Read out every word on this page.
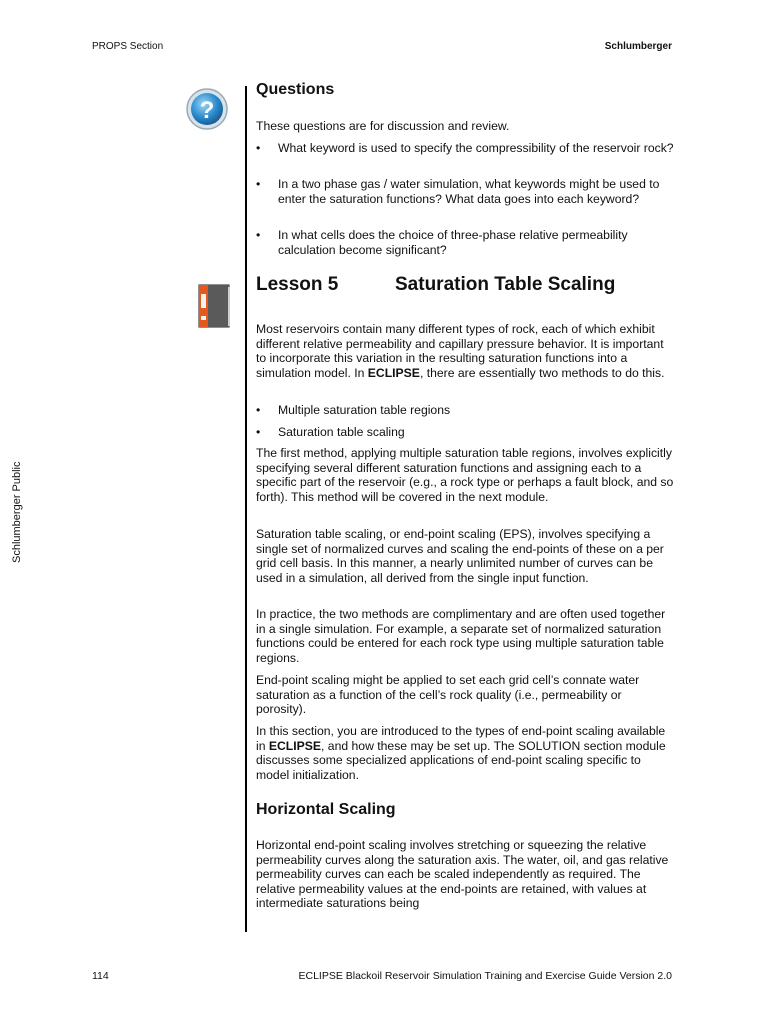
PROPS Section	Schlumberger
Schlumberger Public
?
Questions

These questions are for discussion and review.

• What keyword is used to specify the compressibility of the reservoir rock?
• In a two phase gas / water simulation, what keywords might be used to enter the saturation functions? What data goes into each keyword?
• In what cells does the choice of three-phase relative permeability calculation become significant?
Lesson 5	Saturation Table Scaling

Most reservoirs contain many different types of rock, each of which exhibit different relative permeability and capillary pressure behavior. It is important to incorporate this variation in the resulting saturation functions into a simulation model. In ECLIPSE, there are essentially two methods to do this.

• Multiple saturation table regions
• Saturation table scaling

The first method, applying multiple saturation table regions, involves explicitly specifying several different saturation functions and assigning each to a specific part of the reservoir (e.g., a rock type or perhaps a fault block, and so forth). This method will be covered in the next module.

Saturation table scaling, or end-point scaling (EPS), involves specifying a single set of normalized curves and scaling the end-points of these on a per grid cell basis. In this manner, a nearly unlimited number of curves can be used in a simulation, all derived from the single input function.

In practice, the two methods are complimentary and are often used together in a single simulation. For example, a separate set of normalized saturation functions could be entered for each rock type using multiple saturation table regions.

End-point scaling might be applied to set each grid cell’s connate water saturation as a function of the cell’s rock quality (i.e., permeability or porosity).

In this section, you are introduced to the types of end-point scaling available in ECLIPSE, and how these may be set up. The SOLUTION section module discusses some specialized applications of end-point scaling specific to model initialization.

Horizontal Scaling

Horizontal end-point scaling involves stretching or squeezing the relative permeability curves along the saturation axis. The water, oil, and gas relative permeability curves can each be scaled independently as required. The relative permeability values at the end-points are retained, with values at intermediate saturations being

114	ECLIPSE Blackoil Reservoir Simulation Training and Exercise Guide Version 2.0
